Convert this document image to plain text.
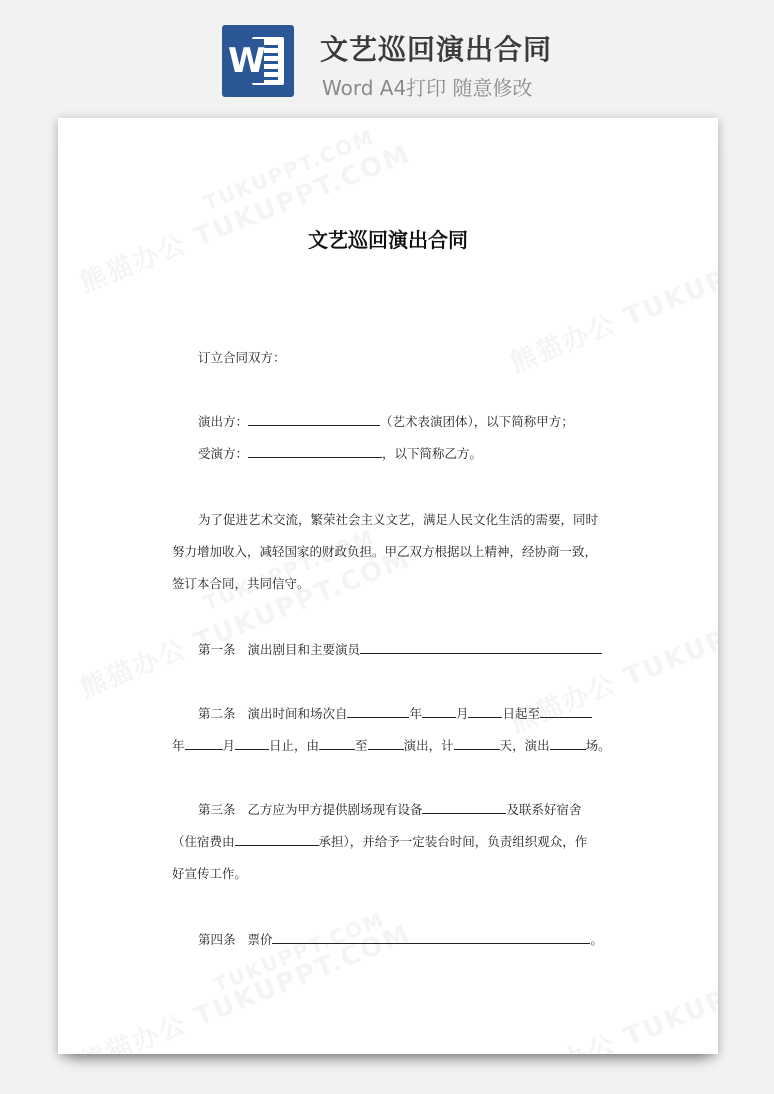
W 文艺巡回演出合同
Word A4打印 随意修改
文艺巡回演出合同
订立合同双方：
演出方：	（艺术表演团体），以下简称甲方；
受演方：	，以下简称乙方。
为了促进艺术交流，繁荣社会主义文艺，满足人民文化生活的需要，同时
努力增加收入，减轻国家的财政负担。甲乙双方根据以上精神，经协商一致，
签订本合同，共同信守。
第一条 演出剧目和主要演员
第二条 演出时间和场次自	年	月	日起至
年	月	日止，由	至	演出，计	天，演出	场。
第三条 乙方应为甲方提供剧场现有设备	及联系好宿舍
（住宿费由	承担），并给予一定装台时间，负责组织观众，作
好宣传工作。
第四条 票价	。
